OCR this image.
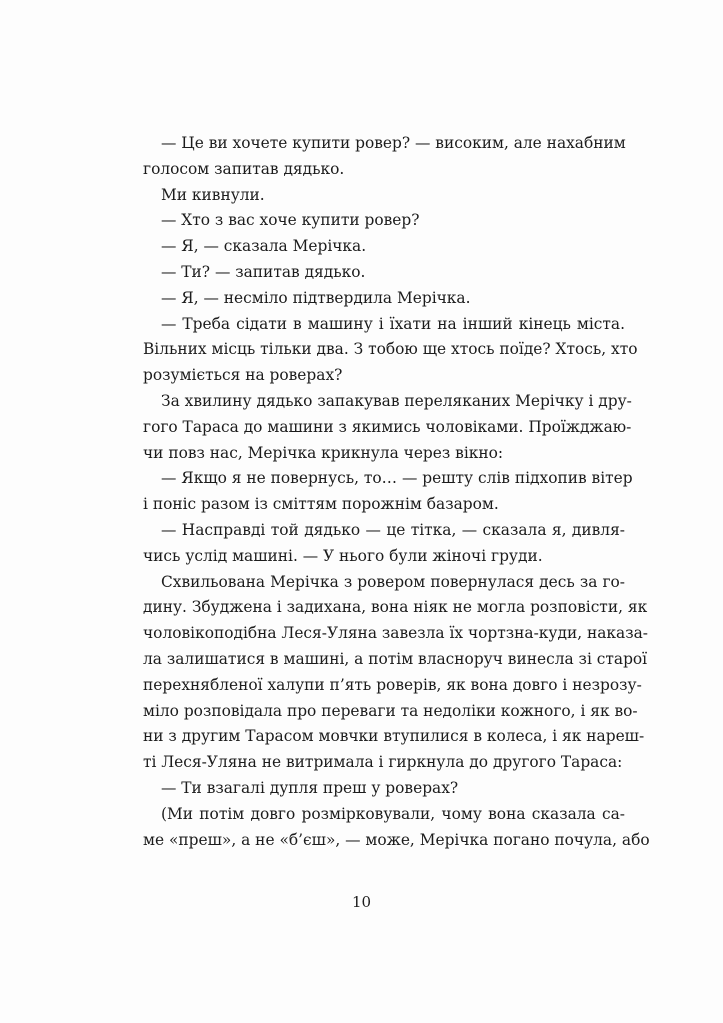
— Це ви хочете купити ровер? — високим, але нахабним
голосом запитав дядько.
Ми кивнули.
— Хто з вас хоче купити ровер?
— Я, — сказала Мерічка.
— Ти? — запитав дядько.
— Я, — несміло підтвердила Мерічка.
— Треба сідати в машину і їхати на інший кінець міста.
Вільних місць тільки два. З тобою ще хтось поїде? Хтось, хто
розуміється на роверах?
За хвилину дядько запакував переляканих Мерічку і дру-
гого Тараса до машини з якимись чоловіками. Проїжджаю-
чи повз нас, Мерічка крикнула через вікно:
— Якщо я не повернусь, то… — решту слів підхопив вітер
і поніс разом із сміттям порожнім базаром.
— Насправді той дядько — це тітка, — сказала я, дивля-
чись услід машині. — У нього були жіночі груди.
Схвильована Мерічка з ровером повернулася десь за го-
дину. Збуджена і задихана, вона ніяк не могла розповісти, як
чоловікоподібна Леся-Уляна завезла їх чортзна-куди, наказа-
ла залишатися в машині, а потім власноруч винесла зі старої
перехнябленої халупи п’ять роверів, як вона довго і незрозу-
міло розповідала про переваги та недоліки кожного, і як во-
ни з другим Тарасом мовчки втупилися в колеса, і як нареш-
ті Леся-Уляна не витримала і гиркнула до другого Тараса:
— Ти взагалі дупля преш у роверах?
(Ми потім довго розмірковували, чому вона сказала са-
ме «преш», а не «б’єш», — може, Мерічка погано почула, або
10
